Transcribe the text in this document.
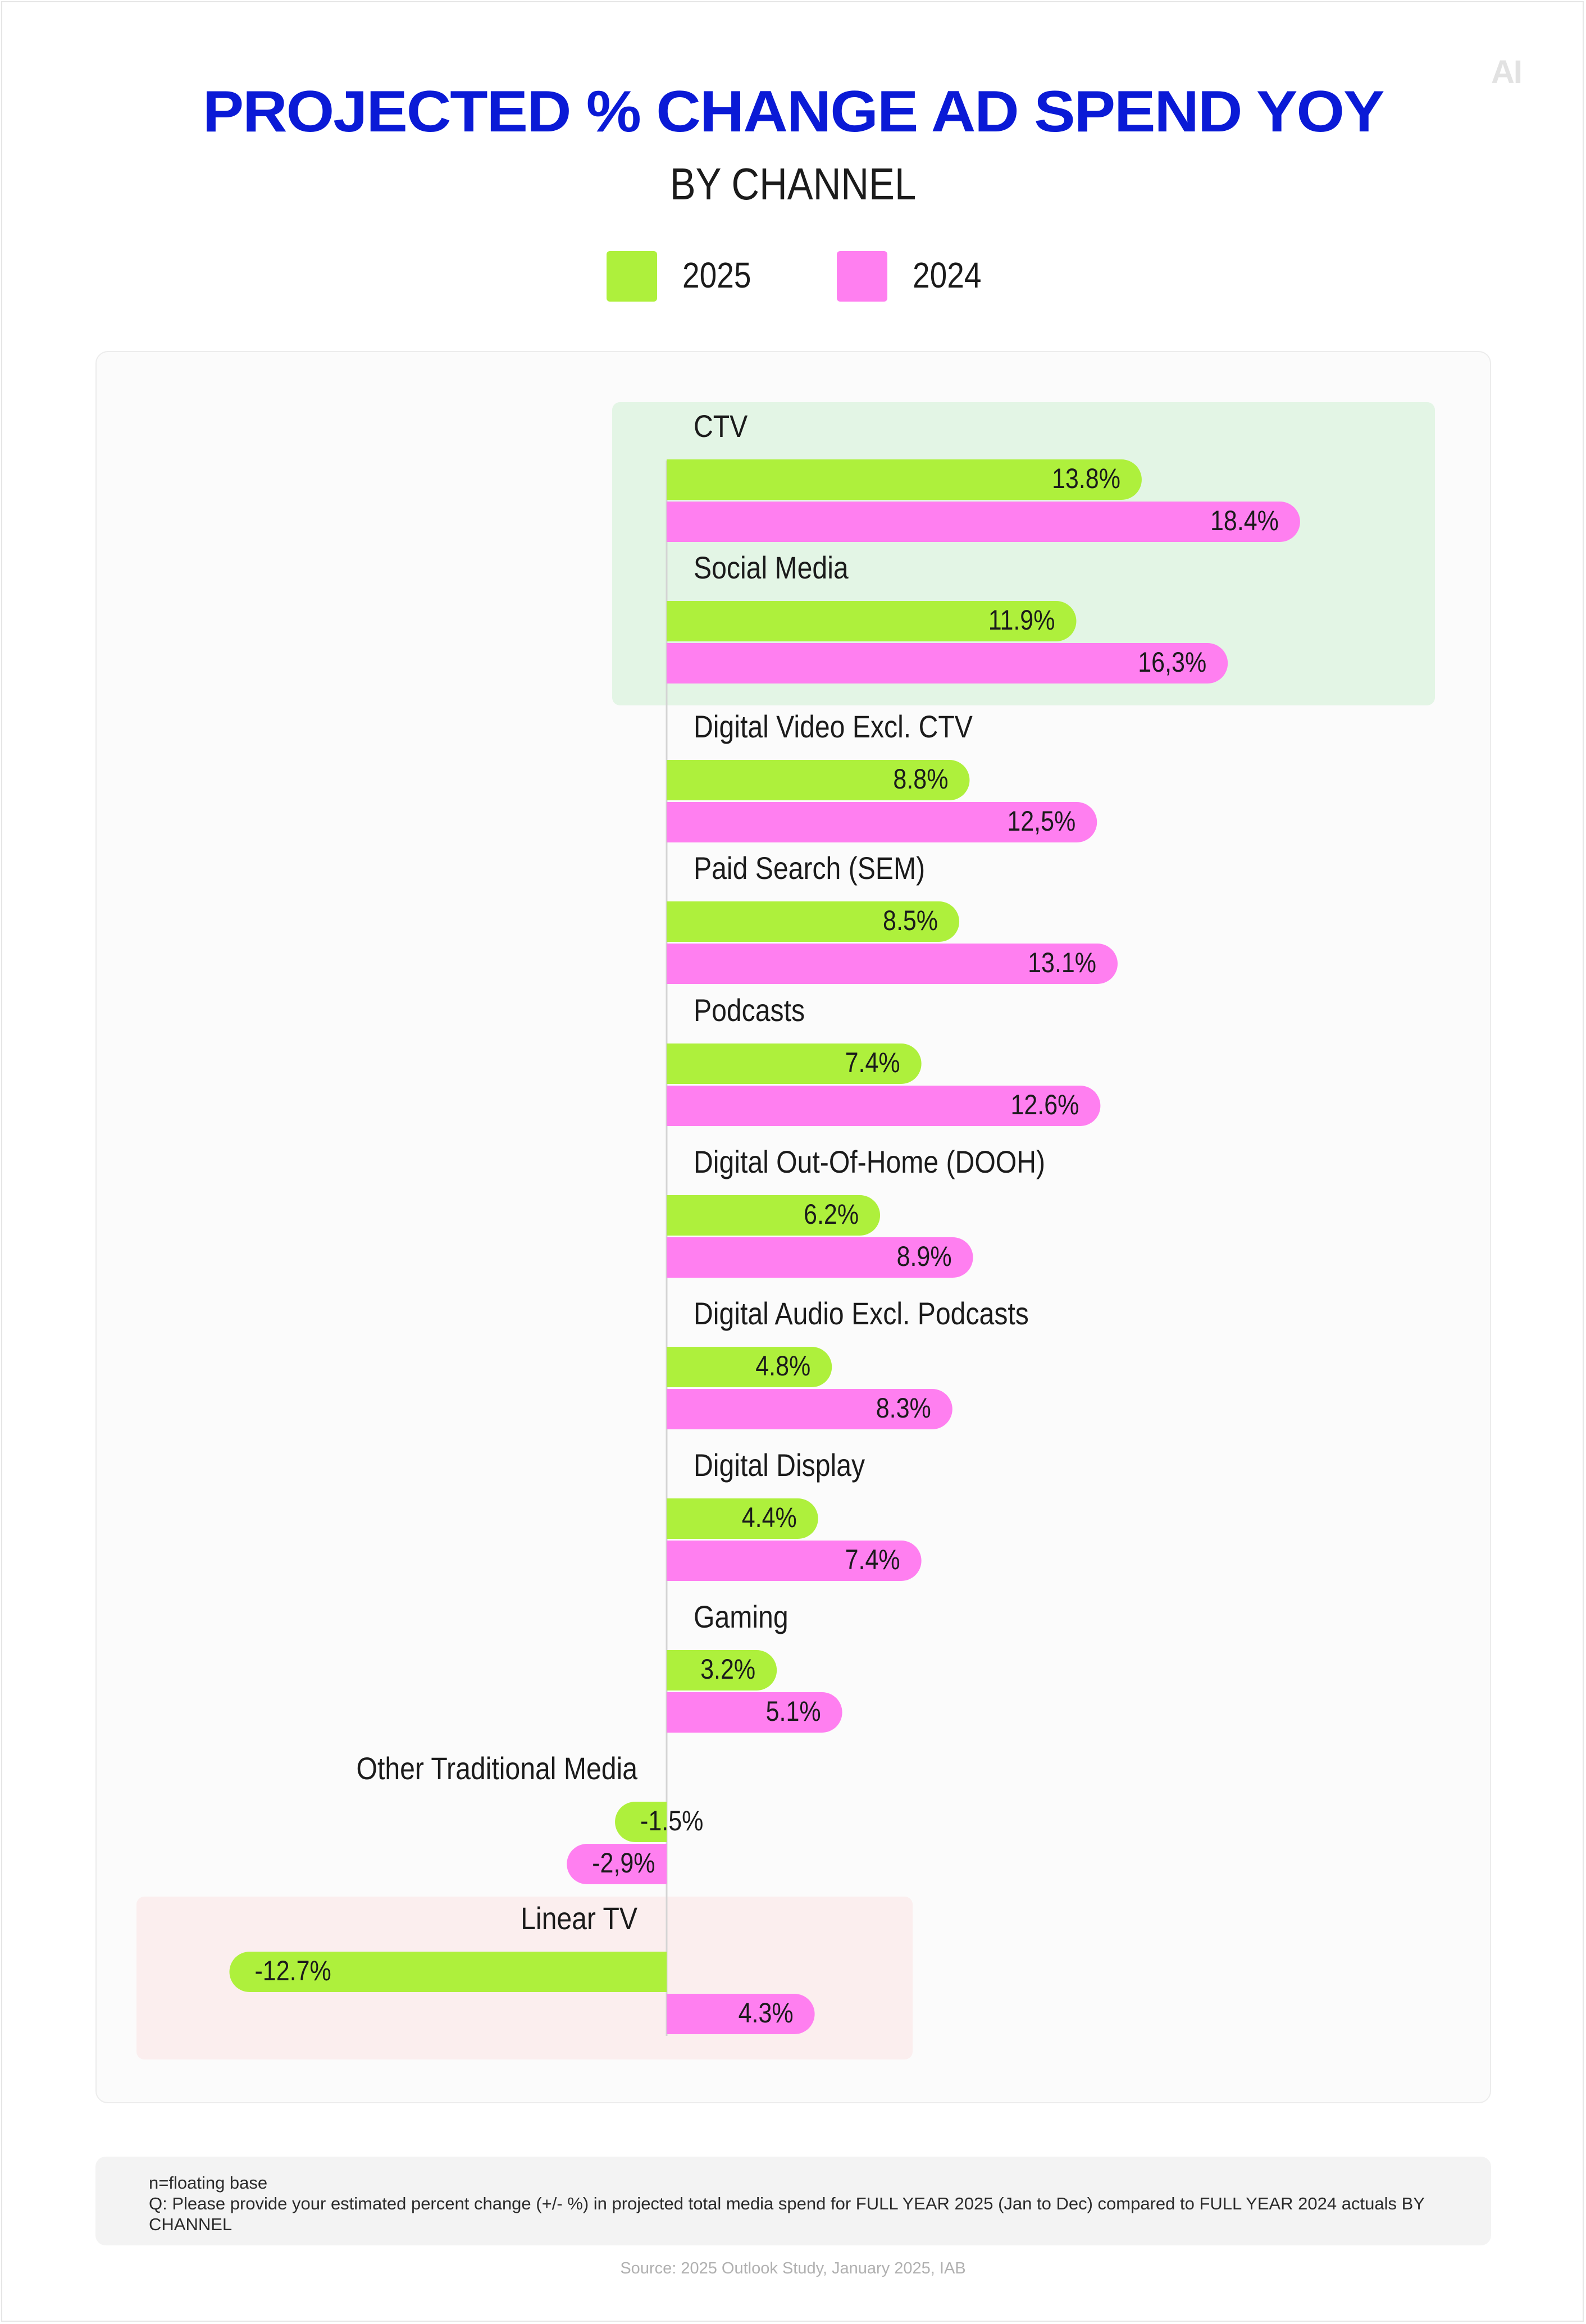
AI
PROJECTED % CHANGE AD SPEND YOY
BY CHANNEL
2025	2024
CTV
13.8%
18.4%
Social Media
11.9%
16,3%
Digital Video Excl. CTV
8.8%
12,5%
Paid Search (SEM)
8.5%
13.1%
Podcasts
7.4%
12.6%
Digital Out-Of-Home (DOOH)
6.2%
8.9%
Digital Audio Excl. Podcasts
4.8%
8.3%
Digital Display
4.4%
7.4%
Gaming
3.2%
5.1%
Other Traditional Media
-1.5%
-2,9%
Linear TV
-12.7%
4.3%
n=floating base
Q: Please provide your estimated percent change (+/- %) in projected total media spend for FULL YEAR 2025 (Jan to Dec) compared to FULL YEAR 2024 actuals BY CHANNEL
Source: 2025 Outlook Study, January 2025, IAB
